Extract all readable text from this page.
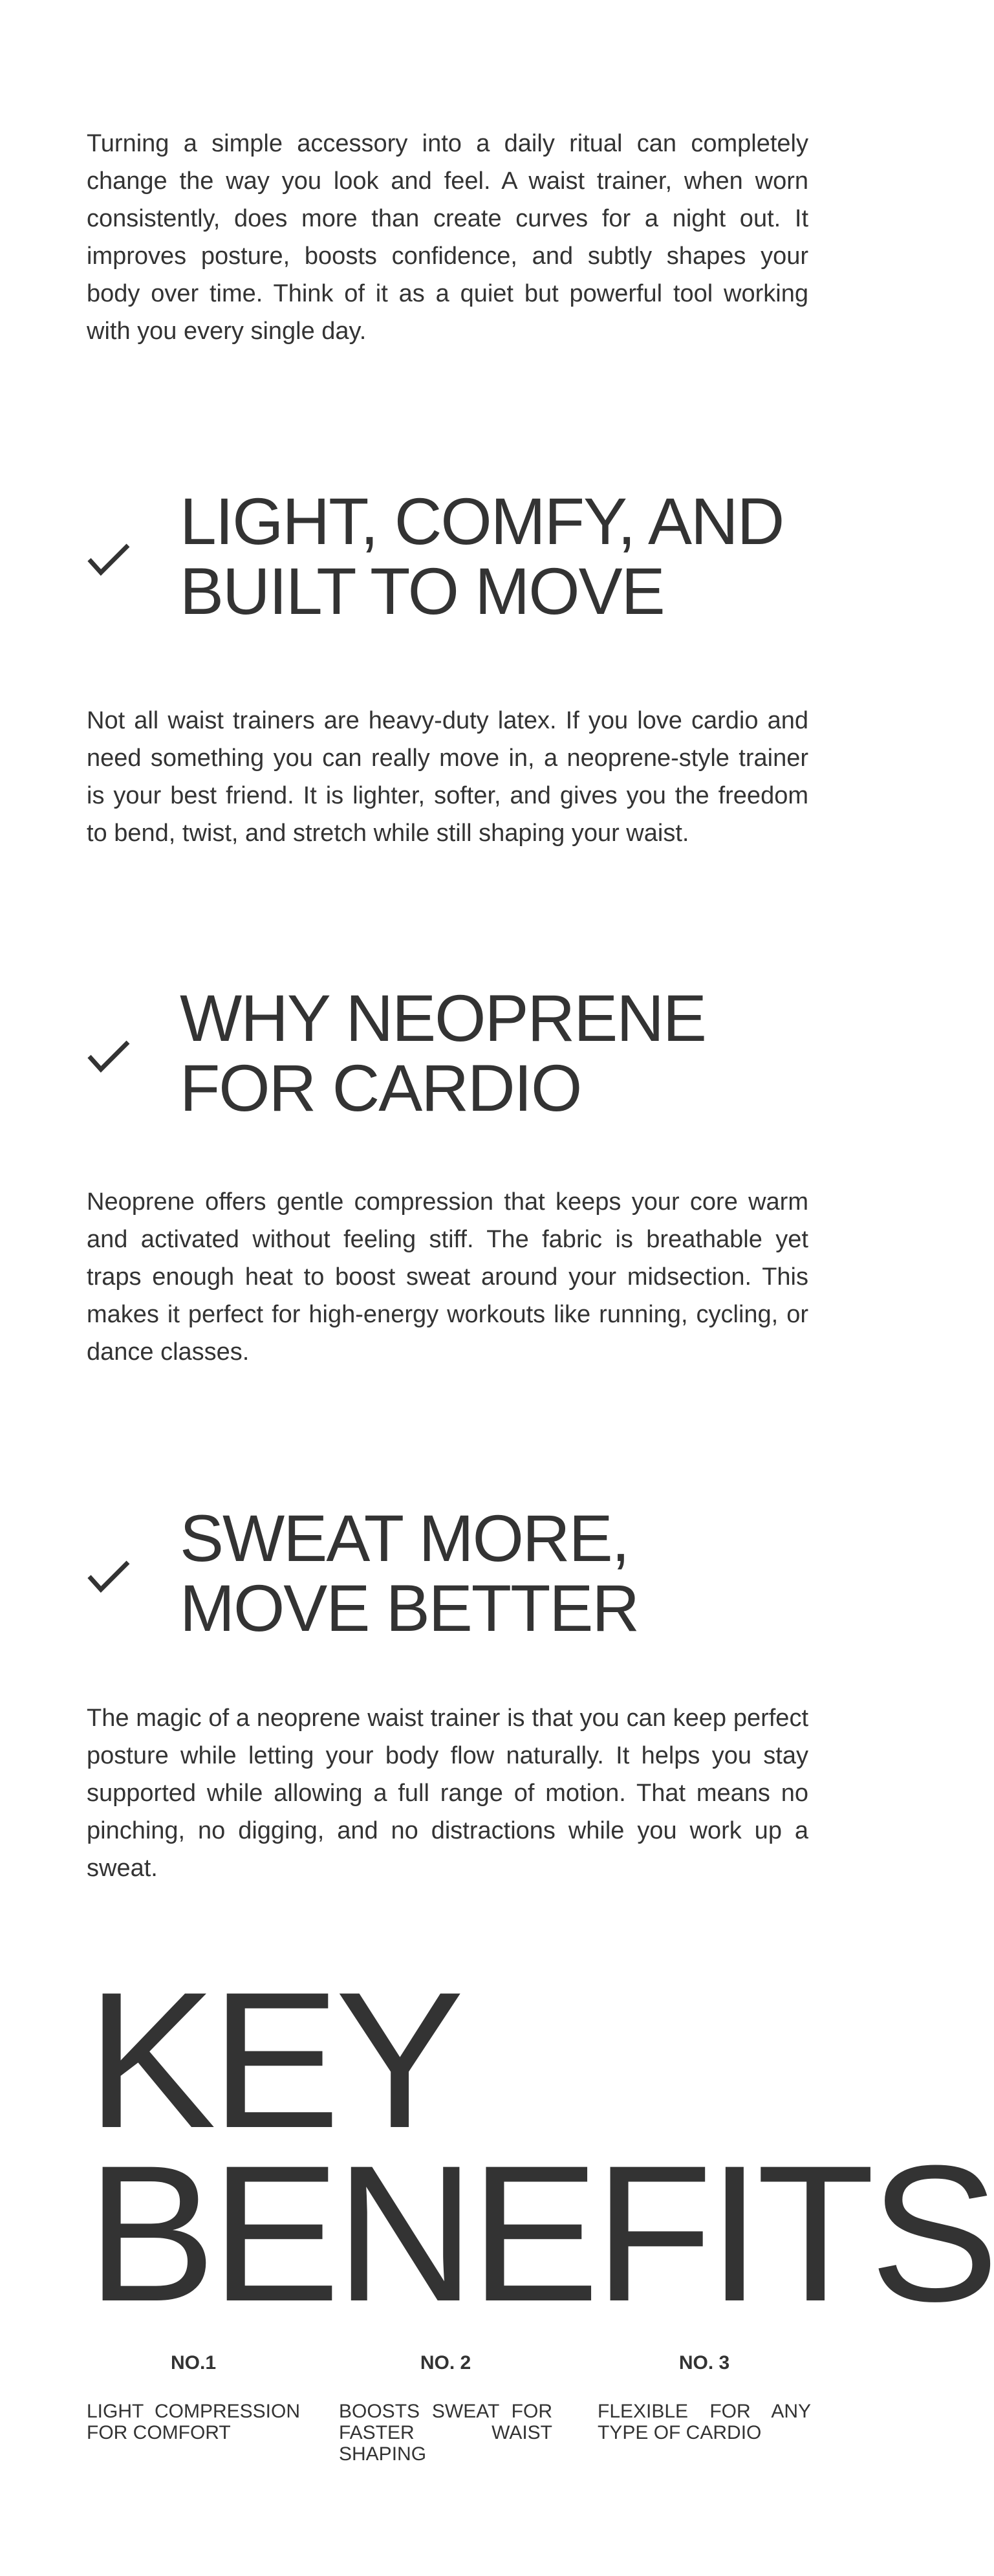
Turning a simple accessory into a daily ritual can completely change the way you look and feel. A waist trainer, when worn consistently, does more than create curves for a night out. It improves posture, boosts confidence, and subtly shapes your body over time. Think of it as a quiet but powerful tool working with you every single day.

LIGHT, COMFY, AND BUILT TO MOVE

Not all waist trainers are heavy-duty latex. If you love cardio and need something you can really move in, a neoprene-style trainer is your best friend. It is lighter, softer, and gives you the freedom to bend, twist, and stretch while still shaping your waist.

WHY NEOPRENE FOR CARDIO

Neoprene offers gentle compression that keeps your core warm and activated without feeling stiff. The fabric is breathable yet traps enough heat to boost sweat around your midsection. This makes it perfect for high-energy workouts like running, cycling, or dance classes.

SWEAT MORE, MOVE BETTER

The magic of a neoprene waist trainer is that you can keep perfect posture while letting your body flow naturally. It helps you stay supported while allowing a full range of motion. That means no pinching, no digging, and no distractions while you work up a sweat.

KEY BENEFITS
NO.1
LIGHT COMPRESSION FOR COMFORT
NO. 2
BOOSTS SWEAT FOR FASTER WAIST SHAPING
NO. 3
FLEXIBLE FOR ANY TYPE OF CARDIO
